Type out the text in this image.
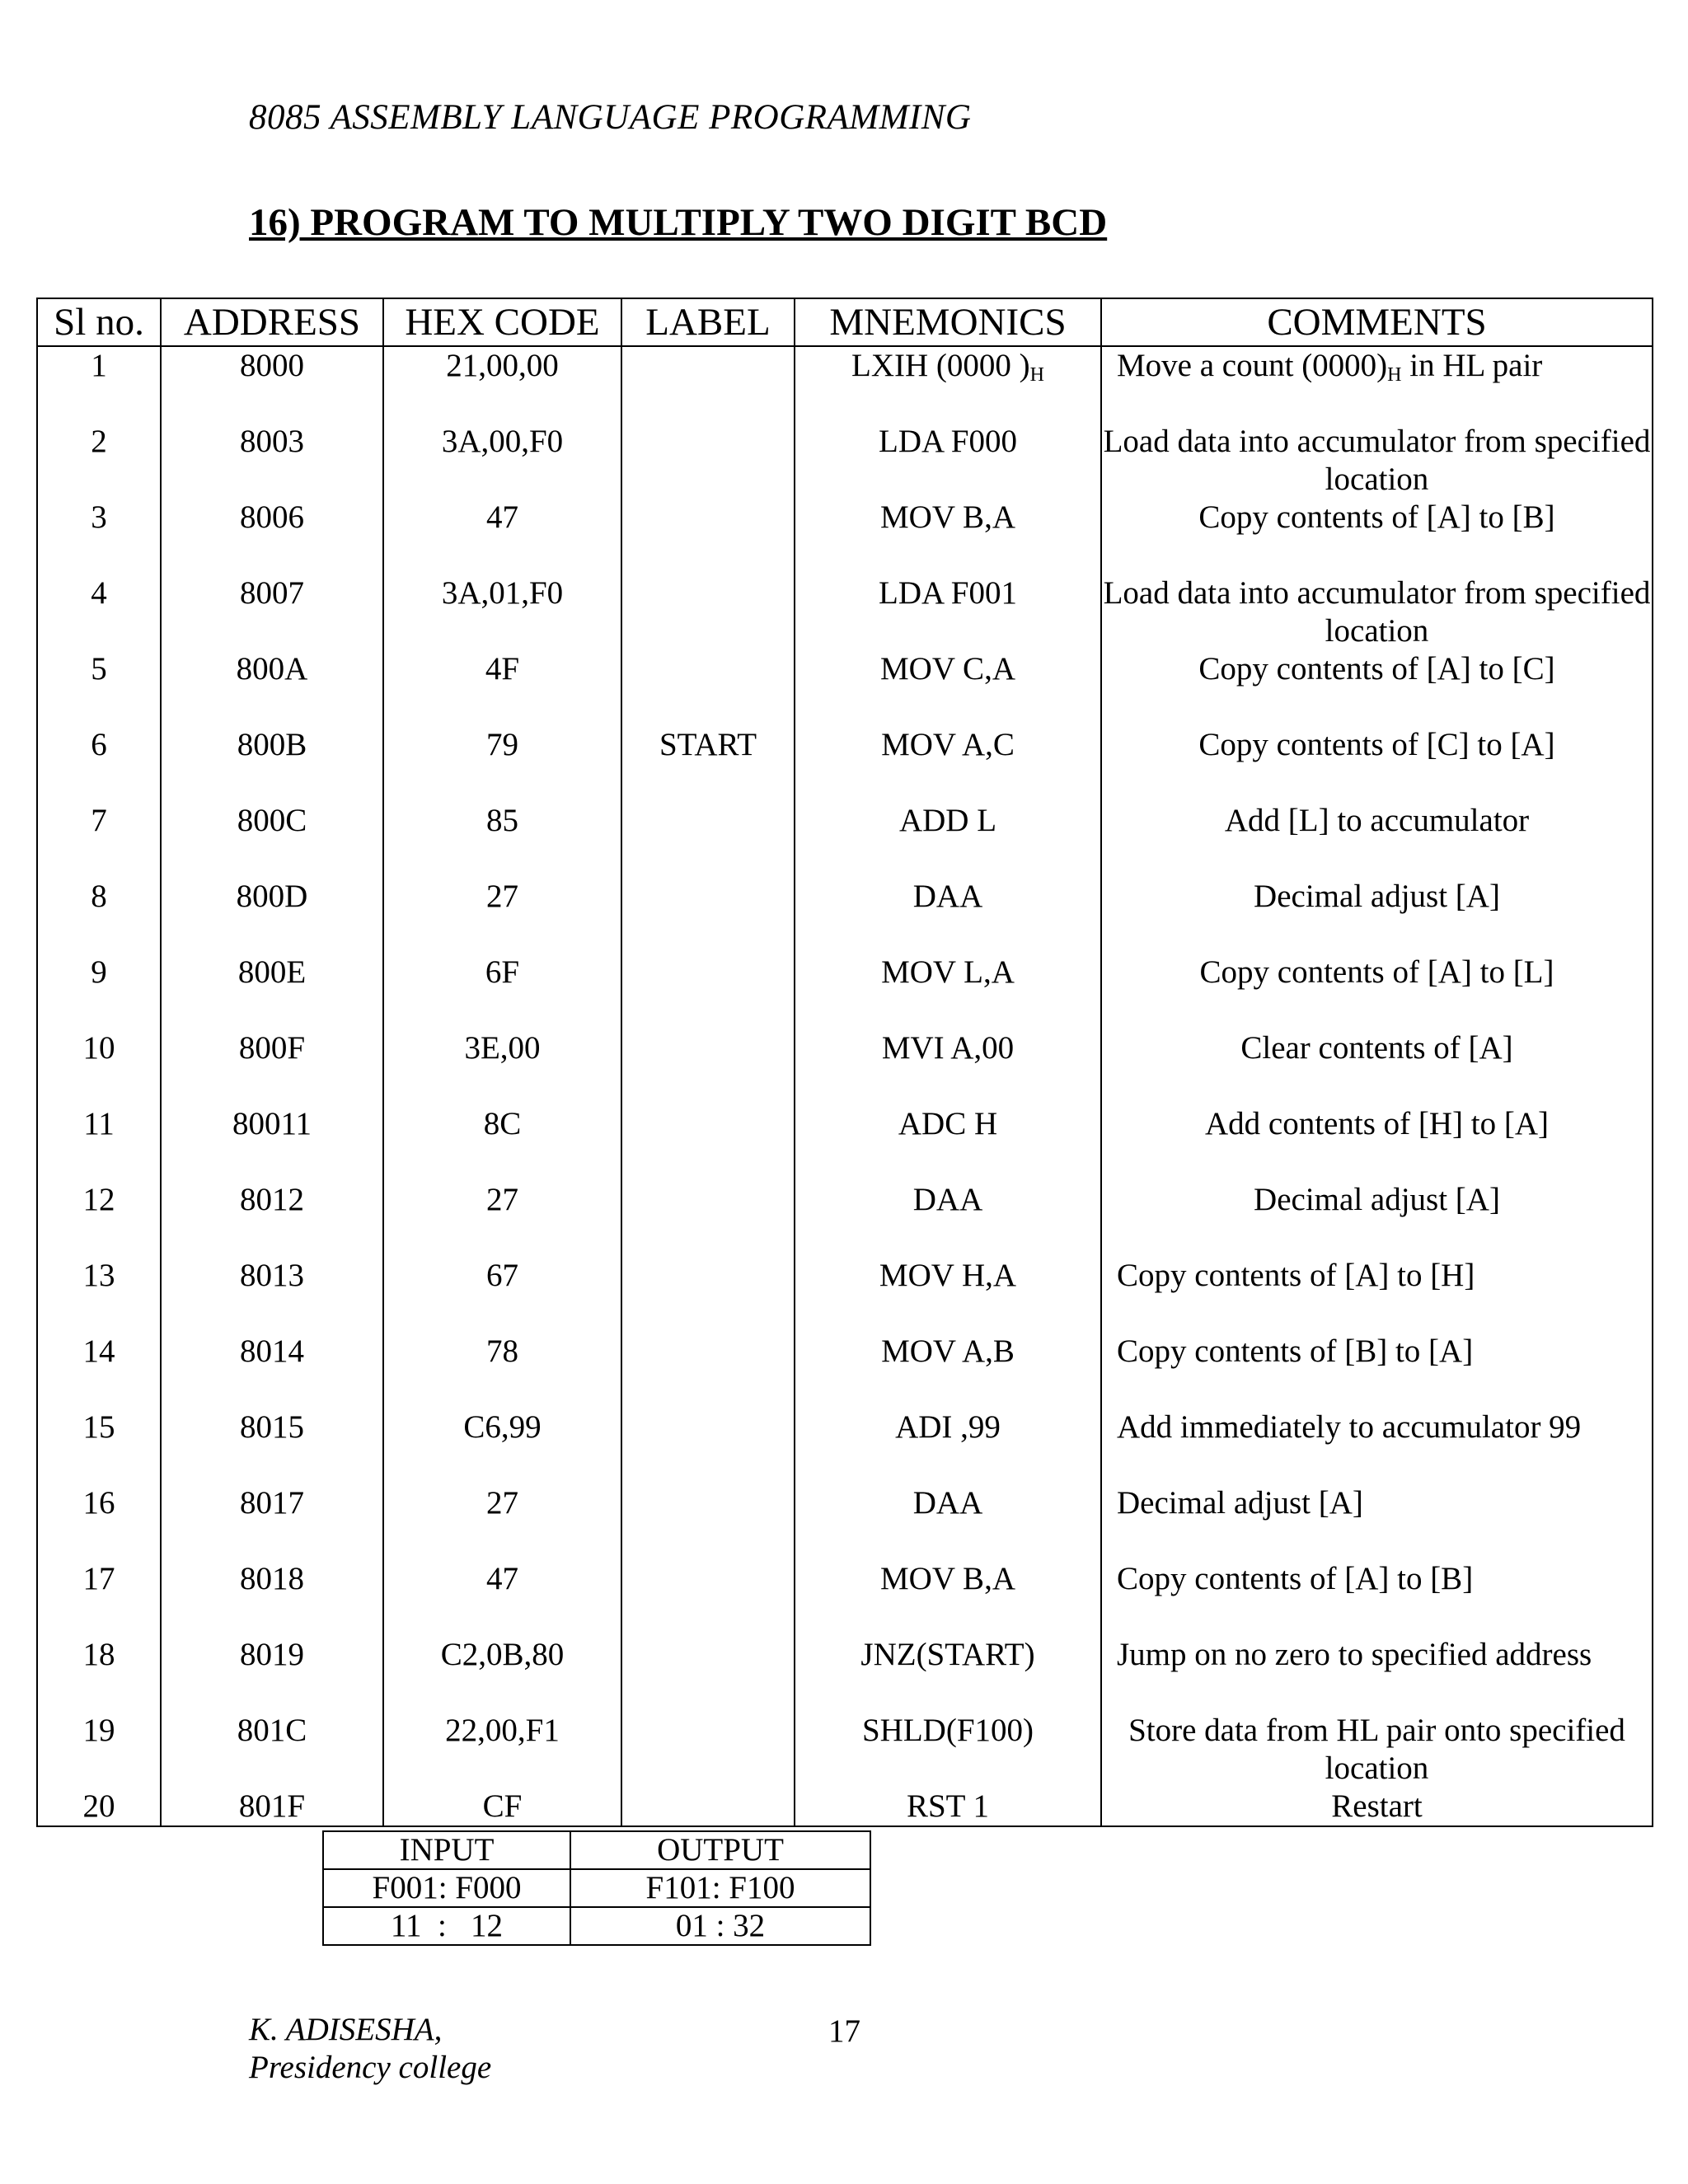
8085 ASSEMBLY LANGUAGE PROGRAMMING
16) PROGRAM TO MULTIPLY TWO DIGIT BCD
Sl no.	ADDRESS	HEX CODE	LABEL	MNEMONICS	COMMENTS
1	8000	21,00,00		LXIH (0000 )$_H$	Move a count $(0000)_H$ in HL pair
2	8003	3A,00,F0		LDA F000	Load data into accumulator from specified location
3	8006	47		MOV B,A	Copy contents of [A] to [B]
4	8007	3A,01,F0		LDA F001	Load data into accumulator from specified location
5	800A	4F		MOV C,A	Copy contents of [A] to [C]
6	800B	79	START	MOV A,C	Copy contents of [C] to [A]
7	800C	85		ADD L	Add [L] to accumulator
8	800D	27		DAA	Decimal adjust [A]
9	800E	6F		MOV L,A	Copy contents of [A] to [L]
10	800F	3E,00		MVI A,00	Clear contents of [A]
11	80011	8C		ADC H	Add contents of [H] to [A]
12	8012	27		DAA	Decimal adjust [A]
13	8013	67		MOV H,A	Copy contents of [A] to [H]
14	8014	78		MOV A,B	Copy contents of [B] to [A]
15	8015	C6,99		ADI ,99	Add immediately to accumulator 99
16	8017	27		DAA	Decimal adjust [A]
17	8018	47		MOV B,A	Copy contents of [A] to [B]
18	8019	C2,0B,80		JNZ(START)	Jump on no zero to specified address
19	801C	22,00,F1		SHLD(F100)	Store data from HL pair onto specified location
20	801F	CF		RST 1	Restart
INPUT	OUTPUT
F001: F000	F101: F100
11  :   12	01 : 32
K. ADISESHA,
Presidency college
17
